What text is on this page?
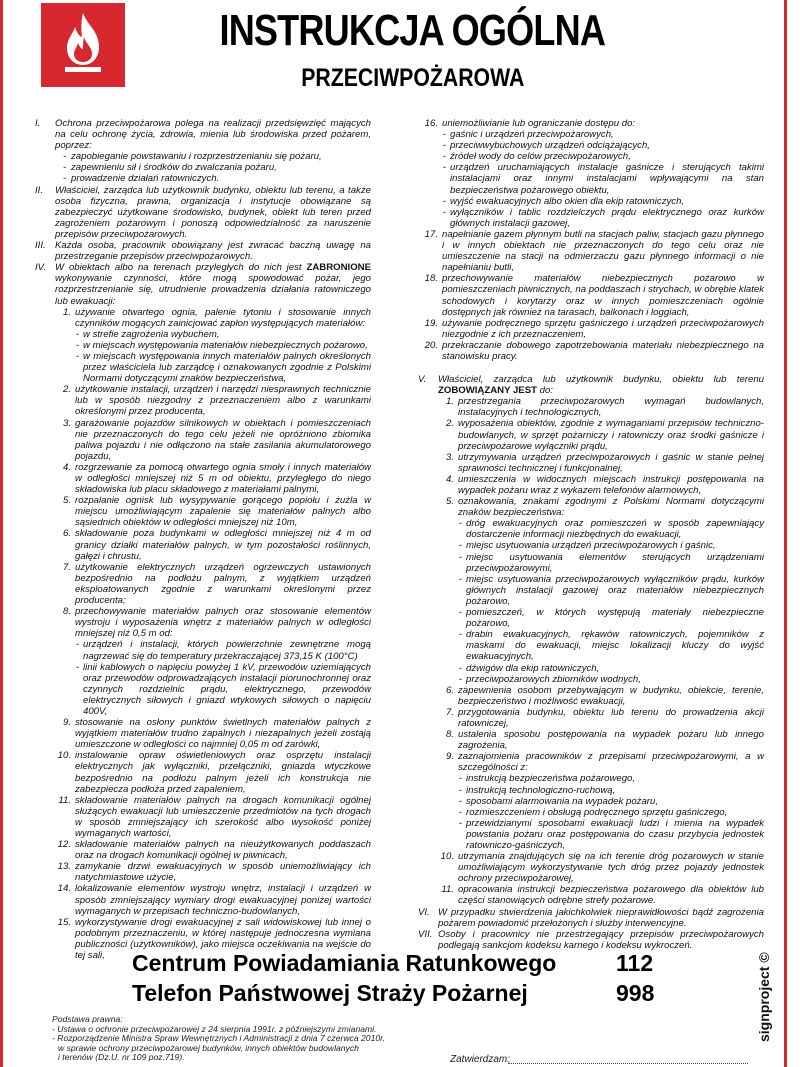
INSTRUKCJA OGÓLNA
PRZECIWPOŻAROWA
I.	Ochrona przeciwpożarowa polega na realizacji przedsięwzięć mających na celu ochronę życia, zdrowia, mienia lub środowiska przed pożarem, poprzez:
- zapobieganie powstawaniu i rozprzestrzenianiu się pożaru,
- zapewnieniu sił i środków do zwalczania pożaru,
- prowadzenie działań ratowniczych.
II.	Właściciel, zarządca lub użytkownik budynku, obiektu lub terenu, a także osoba fizyczna, prawna, organizacja i instytucje obowiązane są zabezpieczyć użytkowane środowisko, budynek, obiekt lub teren przed zagrożeniem pożarowym i ponoszą odpowiedzialność za naruszenie przepisów przeciwpożarowych.
III. Każda osoba, pracownik obowiązany jest zwracać baczną uwagę na przestrzeganie przepisów przeciwpożarowych.
IV. W obiektach albo na terenach przyległych do nich jest ZABRONIONE wykonywanie czynności, które mogą spowodować pożar, jego rozprzestrzenianie się, utrudnienie prowadzenia działania ratowniczego lub ewakuacji:
1. używanie otwartego ognia, palenie tytoniu i stosowanie innych czynników mogących zainicjować zapłon występujących materiałów:
- w strefie zagrożenia wybuchem,
- w miejscach występowania materiałów niebezpiecznych pożarowo,
- w miejscach występowania innych materiałów palnych określonych przez właściciela lub zarządcę i oznakowanych zgodnie z Polskimi Normami dotyczącymi znaków bezpieczeństwa,
2. użytkowanie instalacji, urządzeń i narzędzi niesprawnych technicznie lub w sposób niezgodny z przeznaczeniem albo z warunkami określonymi przez producenta,
3. garażowanie pojazdów silnikowych w obiektach i pomieszczeniach nie przeznaczonych do tego celu jeżeli nie opróżniono zbiornika paliwa pojazdu i nie odłączono na stałe zasilania akumulatorowego pojazdu,
4. rozgrzewanie za pomocą otwartego ognia smoły i innych materiałów w odległości mniejszej niż 5 m od obiektu, przyległego do niego składowiska lub placu składowego z materiałami palnymi,
5. rozpalanie ognisk lub wysypywanie gorącego popiołu i żużla w miejscu umożliwiającym zapalenie się materiałów palnych albo sąsiednich obiektów w odległości mniejszej niż 10m,
6. składowanie poza budynkami w odległości mniejszej niż 4 m od granicy działki materiałów palnych, w tym pozostałości roślinnych, gałęzi i chrustu,
7. użytkowanie elektrycznych urządzeń ogrzewczych ustawionych bezpośrednio na podłożu palnym, z wyjątkiem urządzeń eksploatowanych zgodnie z warunkami określonymi przez producenta;
8. przechowywanie materiałów palnych oraz stosowanie elementów wystroju i wyposażenia wnętrz z materiałów palnych w odległości mniejszej niż 0,5 m od:
- urządzeń i instalacji, których powierzchnie zewnętrzne mogą nagrzewać się do temperatury przekraczającej 373,15 K (100°C)
- linii kablowych o napięciu powyżej 1 kV, przewodów uziemiających oraz przewodów odprowadzających instalacji piorunochronnej oraz czynnych rozdzielnic prądu, elektrycznego, przewodów elektrycznych siłowych i gniazd wtykowych siłowych o napięciu 400V,
9. stosowanie na osłony punktów świetlnych materiałów palnych z wyjątkiem materiałów trudno zapalnych i niezapalnych jeżeli zostają umieszczone w odległości co najmniej 0,05 m od żarówki,
10. instalowanie opraw oświetleniowych oraz osprzętu instalacji elektrycznych jak wyłączniki, przełączniki, gniazda wtyczkowe bezpośrednio na podłożu palnym jeżeli ich konstrukcja nie zabezpiecza podłoża przed zapaleniem,
11. składowanie materiałów palnych na drogach komunikacji ogólnej służących ewakuacji lub umieszczenie przedmiotów na tych drogach w sposób zmniejszający ich szerokość albo wysokość poniżej wymaganych wartości,
12. składowanie materiałów palnych na nieużytkowanych poddaszach oraz na drogach komunikacji ogólnej w piwnicach,
13. zamykanie drzwi ewakuacyjnych w sposób uniemożliwiający ich natychmiastowe użycie,
14. lokalizowanie elementów wystroju wnętrz, instalacji i urządzeń w sposób zmniejszający wymiary drogi ewakuacyjnej poniżej wartości wymaganych w przepisach techniczno-budowlanych,
15. wykorzystywanie drogi ewakuacyjnej z sali widowiskowej lub innej o podobnym przeznaczeniu, w której następuje jednoczesna wymiana publiczności (użytkowników), jako miejsca oczekiwania na wejście do tej sali,
16. uniemożliwianie lub ograniczanie dostępu do:
- gaśnic i urządzeń przeciwpożarowych,
- przeciwwybuchowych urządzeń odciążających,
- źródeł wody do celów przeciwpożarowych,
- urządzeń uruchamiających instalacje gaśnicze i sterujących takimi instalacjami oraz innymi instalacjami wpływającymi na stan bezpieczeństwa pożarowego obiektu,
- wyjść ewakuacyjnych albo okien dla ekip ratowniczych,
- wyłączników i tablic rozdzielczych prądu elektrycznego oraz kurków głównych instalacji gazowej,
17. napełnianie gazem płynnym butli na stacjach paliw, stacjach gazu płynnego i w innych obiektach nie przeznaczonych do tego celu oraz nie umieszczenie na stacji na odmierzaczu gazu płynnego informacji o nie napełnianiu butli,
18. przechowywanie materiałów niebezpiecznych pożarowo w pomieszczeniach piwnicznych, na poddaszach i strychach, w obrębie klatek schodowych i korytarzy oraz w innych pomieszczeniach ogólnie dostępnych jak również na tarasach, balkonach i loggiach,
19. używanie podręcznego sprzętu gaśniczego i urządzeń przeciwpożarowych niezgodnie z ich przeznaczeniem,
20. przekraczanie dobowego zapotrzebowania materiału niebezpiecznego na stanowisku pracy.
V.	Właściciel, zarządca lub użytkownik budynku, obiektu lub terenu ZOBOWIĄZANY JEST do:
1. przestrzegania przeciwpożarowych wymagań budowlanych, instalacyjnych i technologicznych,
2. wyposażenia obiektów, zgodnie z wymaganiami przepisów techniczno-budowlanych, w sprzęt pożarniczy i ratowniczy oraz środki gaśnicze i przeciwpożarowe wyłączniki prądu,
3. utrzymywania urządzeń przeciwpożarowych i gaśnic w stanie pełnej sprawności technicznej i funkcjonalnej,
4. umieszczenia w widocznych miejscach instrukcji postępowania na wypadek pożaru wraz z wykazem telefonów alarmowych,
5. oznakowania, znakami zgodnymi z Polskimi Normami dotyczącymi znaków bezpieczeństwa:
- dróg ewakuacyjnych oraz pomieszczeń w sposób zapewniający dostarczenie informacji niezbędnych do ewakuacji,
- miejsc usytuowania urządzeń przeciwpożarowych i gaśnic,
- miejsc usytuowania elementów sterujących urządzeniami przeciwpożarowymi,
- miejsc usytuowania przeciwpożarowych wyłączników prądu, kurków głównych instalacji gazowej oraz materiałów niebezpiecznych pożarowo,
- pomieszczeń, w których występują materiały niebezpieczne pożarowo,
- drabin ewakuacyjnych, rękawów ratowniczych, pojemników z maskami do ewakuacji, miejsc lokalizacji kluczy do wyjść ewakuacyjnych,
- dźwigów dla ekip ratowniczych,
- przeciwpożarowych zbiorników wodnych,
6. zapewnienia osobom przebywającym w budynku, obiekcie, terenie, bezpieczeństwo i możliwość ewakuacji,
7. przygotowania budynku, obiektu lub terenu do prowadzenia akcji ratowniczej,
8. ustalenia sposobu postępowania na wypadek pożaru lub innego zagrożenia,
9. zaznajomienia pracowników z przepisami przeciwpożarowymi, a w szczególności z:
- instrukcją bezpieczeństwa pożarowego,
- instrukcją technologiczno-ruchową,
- sposobami alarmowania na wypadek pożaru,
- rozmieszczeniem i obsługą podręcznego sprzętu gaśniczego,
- przewidzianymi sposobami ewakuacji ludzi i mienia na wypadek powstania pożaru oraz postępowania do czasu przybycia jednostek ratowniczo-gaśniczych,
10. utrzymania znajdujących się na ich terenie dróg pożarowych w stanie umożliwiającym wykorzystywanie tych dróg przez pojazdy jednostek ochrony przeciwpożarowej,
11. opracowania instrukcji bezpieczeństwa pożarowego dla obiektów lub części stanowiących odrębne strefy pożarowe.
VI. W przypadku stwierdzenia jakichkolwiek nieprawidłowości bądź zagrożenia pożarem powiadomić przełożonych i służby interwencyjne.
VII. Osoby i pracownicy nie przestrzegający przepisów przeciwpożarowych podlegają sankcjom kodeksu karnego i kodeksu wykroczeń.
Centrum Powiadamiania Ratunkowego	112
Telefon Państwowej Straży Pożarnej	998	signproject ©
Podstawa prawna:
- Ustawa o ochronie przeciwpożarowej z 24 sierpnia 1991r. z późniejszymi zmianami.
- Rozporządzenie Ministra Spraw Wewnętrznych i Administracji z dnia 7 czerwca 2010r.
w sprawie ochrony przeciwpożarowej budynków, innych obiektów budowlanych
i terenów (Dz.U. nr 109 poz.719).	Zatwierdzam:
